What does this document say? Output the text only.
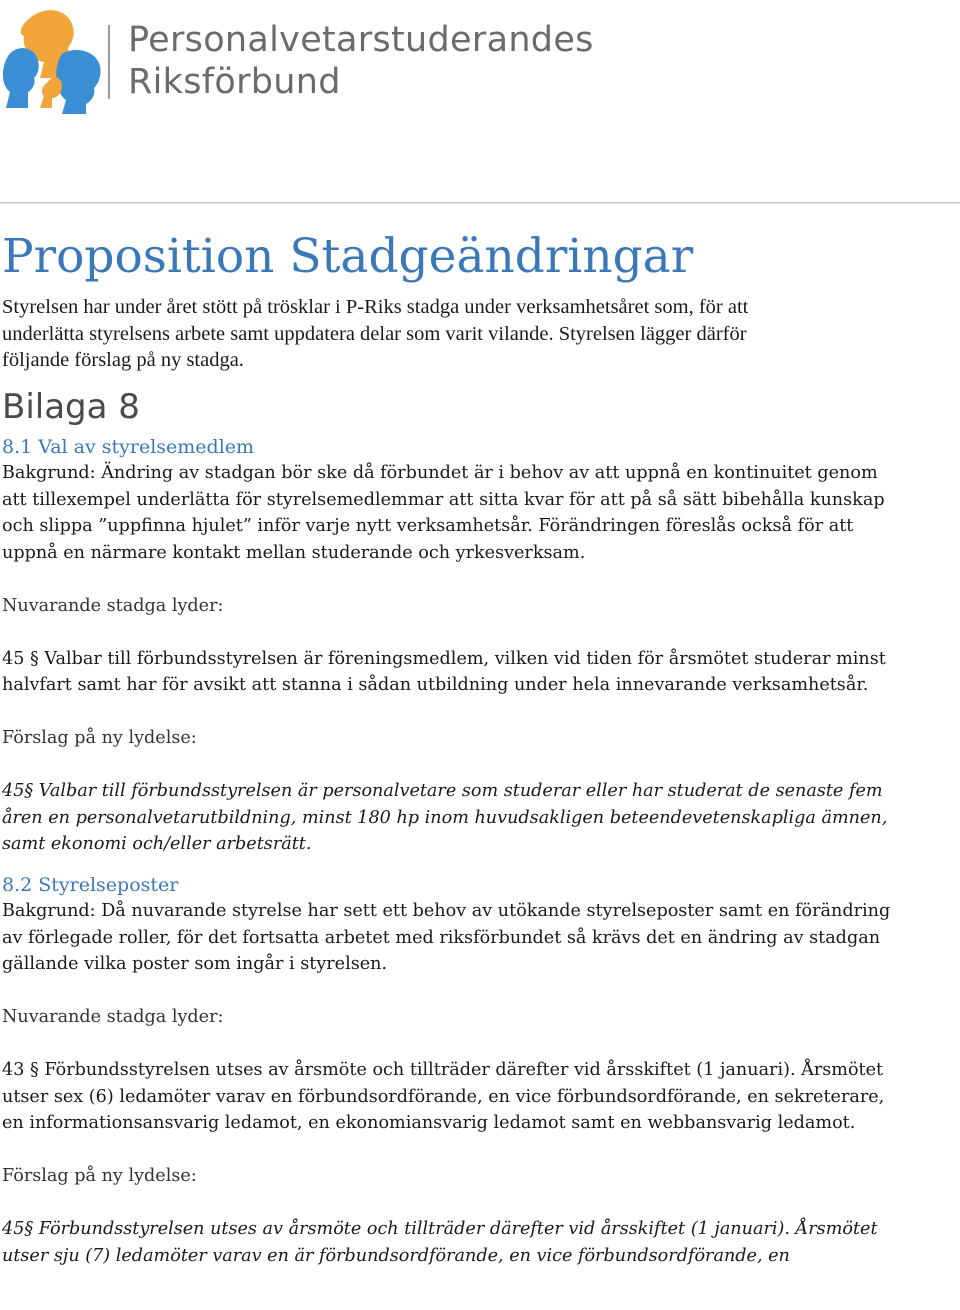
Personalvetarstuderandes
Riksförbund
Proposition Stadgeändringar
Styrelsen har under året stött på trösklar i P-Riks stadga under verksamhetsåret som, för att
underlätta styrelsens arbete samt uppdatera delar som varit vilande. Styrelsen lägger därför
följande förslag på ny stadga.
Bilaga 8
8.1 Val av styrelsemedlem
Bakgrund: Ändring av stadgan bör ske då förbundet är i behov av att uppnå en kontinuitet genom
att tillexempel underlätta för styrelsemedlemmar att sitta kvar för att på så sätt bibehålla kunskap
och slippa ”uppfinna hjulet” inför varje nytt verksamhetsår. Förändringen föreslås också för att
uppnå en närmare kontakt mellan studerande och yrkesverksam.
Nuvarande stadga lyder:
45 § Valbar till förbundsstyrelsen är föreningsmedlem, vilken vid tiden för årsmötet studerar minst
halvfart samt har för avsikt att stanna i sådan utbildning under hela innevarande verksamhetsår.
Förslag på ny lydelse:
45§ Valbar till förbundsstyrelsen är personalvetare som studerar eller har studerat de senaste fem
åren en personalvetarutbildning, minst 180 hp inom huvudsakligen beteendevetenskapliga ämnen,
samt ekonomi och/eller arbetsrätt.
8.2 Styrelseposter
Bakgrund: Då nuvarande styrelse har sett ett behov av utökande styrelseposter samt en förändring
av förlegade roller, för det fortsatta arbetet med riksförbundet så krävs det en ändring av stadgan
gällande vilka poster som ingår i styrelsen.
Nuvarande stadga lyder:
43 § Förbundsstyrelsen utses av årsmöte och tillträder därefter vid årsskiftet (1 januari). Årsmötet
utser sex (6) ledamöter varav en förbundsordförande, en vice förbundsordförande, en sekreterare,
en informationsansvarig ledamot, en ekonomiansvarig ledamot samt en webbansvarig ledamot.
Förslag på ny lydelse:
45§ Förbundsstyrelsen utses av årsmöte och tillträder därefter vid årsskiftet (1 januari). Årsmötet
utser sju (7) ledamöter varav en är förbundsordförande, en vice förbundsordförande, en
